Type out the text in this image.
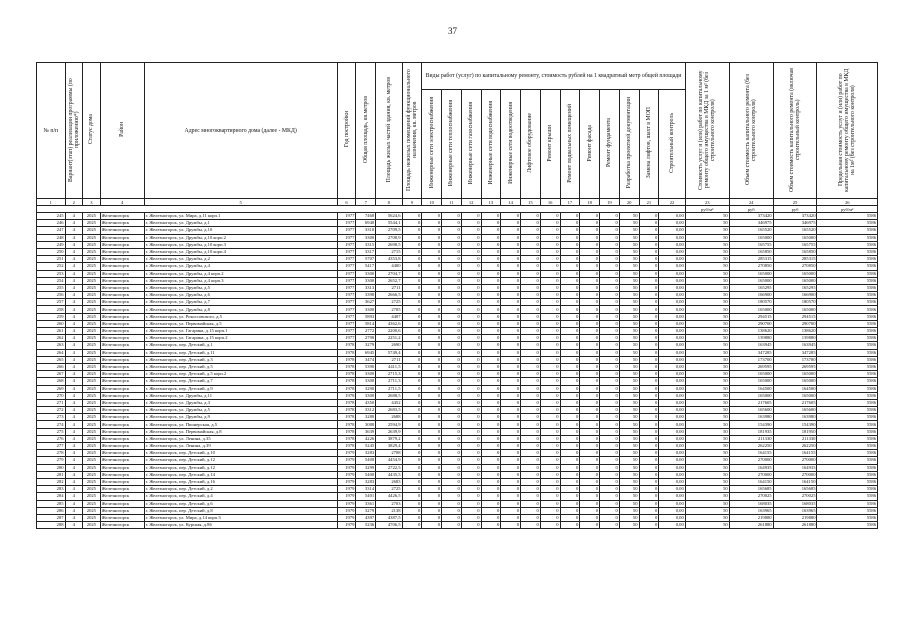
37
№ п/п	Вариант(этап) реализации программы (по приложению*)	Статус дома	Район	Адрес многоквартирного дома (далее - МКД)	Год постройки	Общая площадь, кв.метров	Площадь жилых частей здания, кв. метров	Площадь нежилых помещений функционального назначения, кв. метров	Виды работ (услуг) по капитальному ремонту, стоимость рублей на 1 квадратный метр общей площади													Стоимость услуг и (или) работ по капитальному ремонту общего имущества в МКД за 1 м² (без строительного контроля)	Объем стоимость капитального ремонта (без строительного контроля)	Объем стоимость капитального ремонта (включая строительный контроль)	Предельная стоимость услуг и (или) работ по капитальному ремонту общего имущества в МКД на 1м² (без строительного контроля)
									Инженерные сети электроснабжения	Инженерные сети теплоснабжения	Инженерные сети газоснабжения	Инженерные сети водоснабжения	Инженерные сети водоотведения	Лифтовое оборудование	Ремонт крыши	Ремонт подвальных помещений	Ремонт фасада	Ремонт фундамента	Разработка проектной документации	Замена лифтов, шахт в МОП	Строительный контроль				
1	2	3	4	5	6	7	8	9	10	11	12	13	14	15	16	17	18	19	20	21	22	23	24	25	26
																						руб/м²	руб	руб	руб/м²
245	4	2025	Железногорск	г. Железногорск, ул. Мира, д.11 корп.1	1977	7468	5624,6	0	0	0	0	0	0	0	0	0	0	0	50	0	0,00	50	373420	373420	5586
246	4	2025	Железногорск	г. Железногорск, ул. Дружбы, д.1	1977	6940	5544,1	0	0	0	0	0	0	0	0	0	0	0	50	0	0,00	50	346975	346975	5586
247	4	2025	Железногорск	г. Железногорск, ул. Дружбы, д.10	1977	3310	2709,5	0	0	0	0	0	0	0	0	0	0	0	50	0	0,00	50	165520	165520	5586
248	4	2025	Железногорск	г. Железногорск, ул. Дружбы, д.10 корп.2	1977	3300	2708,9	0	0	0	0	0	0	0	0	0	0	0	50	0	0,00	50	165000	165000	5586
249	4	2025	Железногорск	г. Железногорск, ул. Дружбы, д.10 корп.3	1977	3315	2698,5	0	0	0	0	0	0	0	0	0	0	0	50	0	0,00	50	165755	165755	5586
250	4	2025	Железногорск	г. Железногорск, ул. Дружбы, д.10 корп.4	1977	3317	2715	0	0	0	0	0	0	0	0	0	0	0	50	0	0,00	50	165850	165850	5586
251	4	2025	Железногорск	г. Железногорск, ул. Дружбы, д.2	1977	5707	4353,8	0	0	0	0	0	0	0	0	0	0	0	50	0	0,00	50	285315	285315	5586
252	4	2025	Железногорск	г. Железногорск, ул. Дружбы, д.4	1977	5417	4400	0	0	0	0	0	0	0	0	0	0	0	50	0	0,00	50	270850	270850	5586
253	4	2025	Железногорск	г. Железногорск, ул. Дружбы, д.4 корп.2	1977	3300	2704,7	0	0	0	0	0	0	0	0	0	0	0	50	0	0,00	50	165000	165000	5586
254	4	2025	Железногорск	г. Железногорск, ул. Дружбы, д.4 корп.3	1977	3300	2652,7	0	0	0	0	0	0	0	0	0	0	0	50	0	0,00	50	165000	165000	5586
255	4	2025	Железногорск	г. Железногорск, ул. Дружбы, д.5	1977	3313	2711	0	0	0	0	0	0	0	0	0	0	0	50	0	0,00	50	165295	165295	5586
256	4	2025	Железногорск	г. Железногорск, ул. Дружбы, д.6	1977	3398	2666,5	0	0	0	0	0	0	0	0	0	0	0	50	0	0,00	50	166900	166900	5586
257	4	2025	Железногорск	г. Железногорск, ул. Дружбы, д.7	1977	3627	2725	0	0	0	0	0	0	0	0	0	0	0	50	0	0,00	50	180570	180570	5586
258	4	2025	Железногорск	г. Железногорск, ул. Дружбы, д.8	1977	3300	2705	0	0	0	0	0	0	0	0	0	0	0	50	0	0,00	50	165000	165000	5586
259	4	2025	Железногорск	г. Железногорск, ул. Рокоссовского, д.5	1977	5893	4407	0	0	0	0	0	0	0	0	0	0	0	50	0	0,00	50	294515	294515	5586
260	4	2025	Железногорск	г. Железногорск, ул. Первомайская, д.5	1977	5814	4362,6	0	0	0	0	0	0	0	0	0	0	0	50	0	0,00	50	290700	290700	5586
261	4	2025	Железногорск	г. Железногорск, ул. Гагарина, д.15 корп.1	1977	2772	2200,6	0	0	0	0	0	0	0	0	0	0	0	50	0	0,00	50	138620	138620	5586
262	4	2025	Железногорск	г. Железногорск, ул. Гагарина, д.15 корп.2	1977	2798	2251,2	0	0	0	0	0	0	0	0	0	0	0	50	0	0,00	50	139880	139880	5586
263	4	2025	Железногорск	г. Железногорск, пер. Детский, д.1	1978	3279	2690	0	0	0	0	0	0	0	0	0	0	0	50	0	0,00	50	163945	163945	5586
264	4	2025	Железногорск	г. Железногорск, пер. Детский, д.11	1978	6945	5749,4	0	0	0	0	0	0	0	0	0	0	0	50	0	0,00	50	347285	347285	5586
265	4	2025	Железногорск	г. Железногорск, пер. Детский, д.3	1978	3474	2711	0	0	0	0	0	0	0	0	0	0	0	50	0	0,00	50	173700	173700	5586
266	4	2025	Железногорск	г. Железногорск, пер. Детский, д.5	1978	5390	4411,5	0	0	0	0	0	0	0	0	0	0	0	50	0	0,00	50	269595	269595	5586
267	4	2025	Железногорск	г. Железногорск, пер. Детский, д.5 корп.2	1978	3300	2715,3	0	0	0	0	0	0	0	0	0	0	0	50	0	0,00	50	165000	165000	5586
268	4	2025	Железногорск	г. Железногорск, пер. Детский, д.7	1978	3300	2711,3	0	0	0	0	0	0	0	0	0	0	0	50	0	0,00	50	165000	165000	5586
269	4	2025	Железногорск	г. Железногорск, пер. Детский, д.9	1978	3290	2711,5	0	0	0	0	0	0	0	0	0	0	0	50	0	0,00	50	164500	164500	5586
270	4	2025	Железногорск	г. Железногорск, ул. Дружбы, д.11	1978	3300	2688,5	0	0	0	0	0	0	0	0	0	0	0	50	0	0,00	50	165000	165000	5586
271	4	2025	Железногорск	г. Железногорск, ул. Дружбы, д.3	1978	4350	4452	0	0	0	0	0	0	0	0	0	0	0	50	0	0,00	50	217605	217605	5586
272	4	2025	Железногорск	г. Железногорск, ул. Дружбы, д.5	1978	3312	2683,5	0	0	0	0	0	0	0	0	0	0	0	50	0	0,00	50	165600	165600	5586
273	4	2025	Железногорск	г. Железногорск, ул. Дружбы, д.9	1978	3280	2688	0	0	0	0	0	0	0	0	0	0	0	50	0	0,00	50	163980	163980	5586
274	4	2025	Железногорск	г. Железногорск, ул. Пионерская, д.5	1978	3088	2594,9	0	0	0	0	0	0	0	0	0	0	0	50	0	0,00	50	154390	154390	5586
275	4	2025	Железногорск	г. Железногорск, ул. Первомайская, д.8	1978	3639	2639,9	0	0	0	0	0	0	0	0	0	0	0	50	0	0,00	50	181935	181950	5586
276	4	2025	Железногорск	г. Железногорск, ул. Ленина, д.35	1978	4226	3879,2	0	0	0	0	0	0	0	0	0	0	0	50	0	0,00	50	211330	211330	5586
277	4	2025	Железногорск	г. Железногорск, ул. Ленина, д.39	1978	5245	3829,4	0	0	0	0	0	0	0	0	0	0	0	50	0	0,00	50	262250	262250	5586
278	4	2025	Железногорск	г. Железногорск, пер. Детский, д.10	1979	3283	2708	0	0	0	0	0	0	0	0	0	0	0	50	0	0,00	50	164155	164155	5586
279	4	2025	Железногорск	г. Железногорск, пер. Детский, д.12	1979	5400	4454,9	0	0	0	0	0	0	0	0	0	0	0	50	0	0,00	50	270000	270000	5586
280	4	2025	Железногорск	г. Железногорск, пер. Детский, д.12	1979	3299	2722,5	0	0	0	0	0	0	0	0	0	0	0	50	0	0,00	50	164935	164935	5586
281	4	2025	Железногорск	г. Железногорск, пер. Детский, д.14	1979	5400	4435,5	0	0	0	0	0	0	0	0	0	0	0	50	0	0,00	50	270000	270000	5586
282	4	2025	Железногорск	г. Железногорск, пер. Детский, д.16	1979	3283	2683	0	0	0	0	0	0	0	0	0	0	0	50	0	0,00	50	164150	164150	5586
283	4	2025	Железногорск	г. Железногорск, пер. Детский, д.2	1979	3314	2725	0	0	0	0	0	0	0	0	0	0	0	50	0	0,00	50	165685	165685	5586
284	4	2025	Железногорск	г. Железногорск, пер. Детский, д.4	1979	5401	4426,5	0	0	0	0	0	0	0	0	0	0	0	50	0	0,00	50	270025	270025	5586
285	4	2025	Железногорск	г. Железногорск, пер. Детский, д.6	1979	3361	2703	0	0	0	0	0	0	0	0	0	0	0	50	0	0,00	50	168035	168035	5586
286	4	2025	Железногорск	г. Железногорск, пер. Детский, д.8	1979	3279	2138	0	0	0	0	0	0	0	0	0	0	0	50	0	0,00	50	163965	163965	5586
287	4	2025	Железногорск	г. Железногорск, ул. Мира, д.14 корп.3	1979	4397	4387,5	0	0	0	0	0	0	0	0	0	0	0	50	0	0,00	50	219880	219880	5586
288	4	2025	Железногорск	г. Железногорск, ул. Курская, д.86	1979	5236	4706,5	0	0	0	0	0	0	0	0	0	0	0	50	0	0,00	50	261880	261880	5586
